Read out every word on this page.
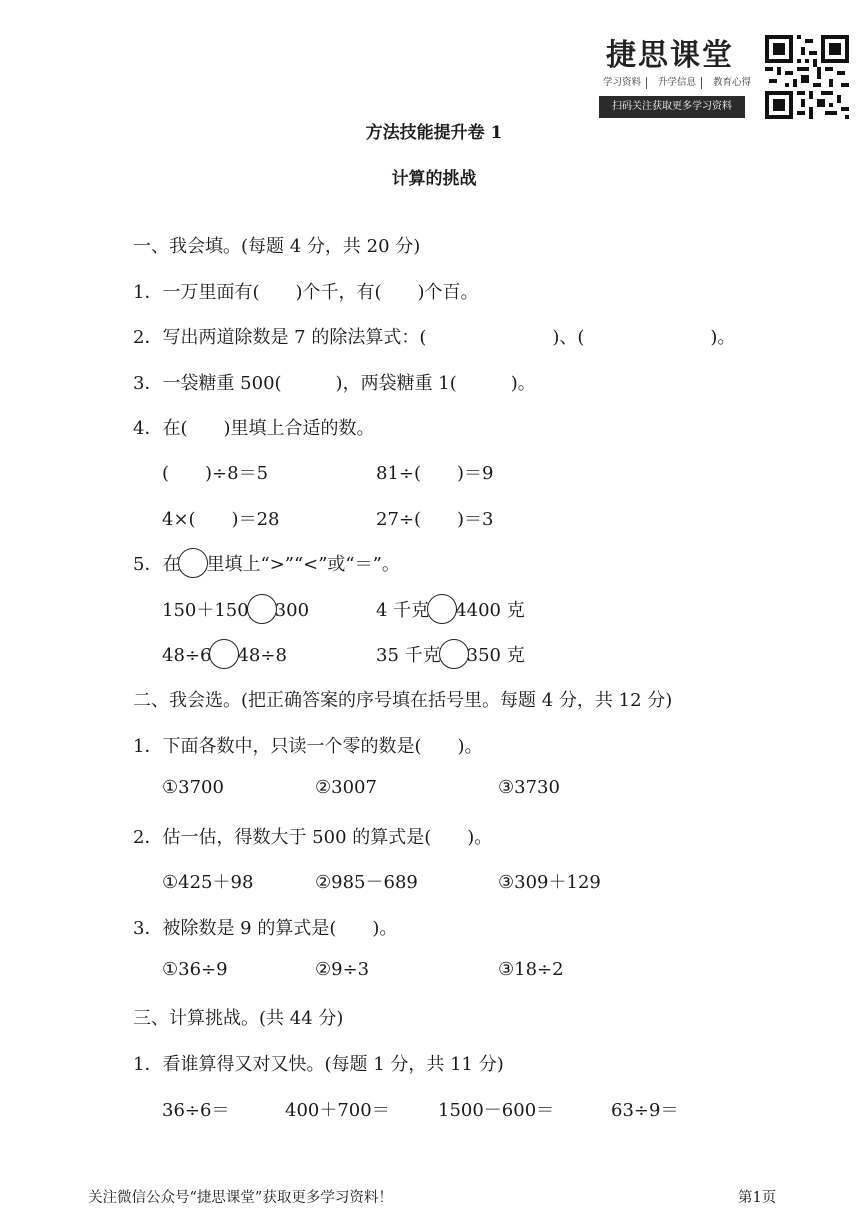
捷思课堂
学习资料 升学信息 教育心得
扫码关注获取更多学习资料
方法技能提升卷 1
计算的挑战
一、我会填。(每题 4 分，共 20 分)
1．一万里面有(　　)个千，有(　　)个百。
2．写出两道除数是 7 的除法算式：(　　　　　　　)、(　　　　　　　)。
3．一袋糖重 500(　　　)，两袋糖重 1(　　　)。
4．在(　　)里填上合适的数。
(　　)÷8＝5	81÷(　　)＝9
4×(　　)＝28	27÷(　　)＝3
5．在 里填上“>”“<”或“＝”。
150＋150 300	4 千克 4400 克
48÷6 48÷8	35 千克 350 克
二、我会选。(把正确答案的序号填在括号里。每题 4 分，共 12 分)
1．下面各数中，只读一个零的数是(　　)。
①3700	②3007	③3730
2．估一估，得数大于 500 的算式是(　　)。
①425＋98	②985－689	③309＋129
3．被除数是 9 的算式是(　　)。
①36÷9	②9÷3	③18÷2
三、计算挑战。(共 44 分)
1．看谁算得又对又快。(每题 1 分，共 11 分)
36÷6＝	400＋700＝	1500－600＝	63÷9＝
关注微信公众号“捷思课堂”获取更多学习资料！	第1页
